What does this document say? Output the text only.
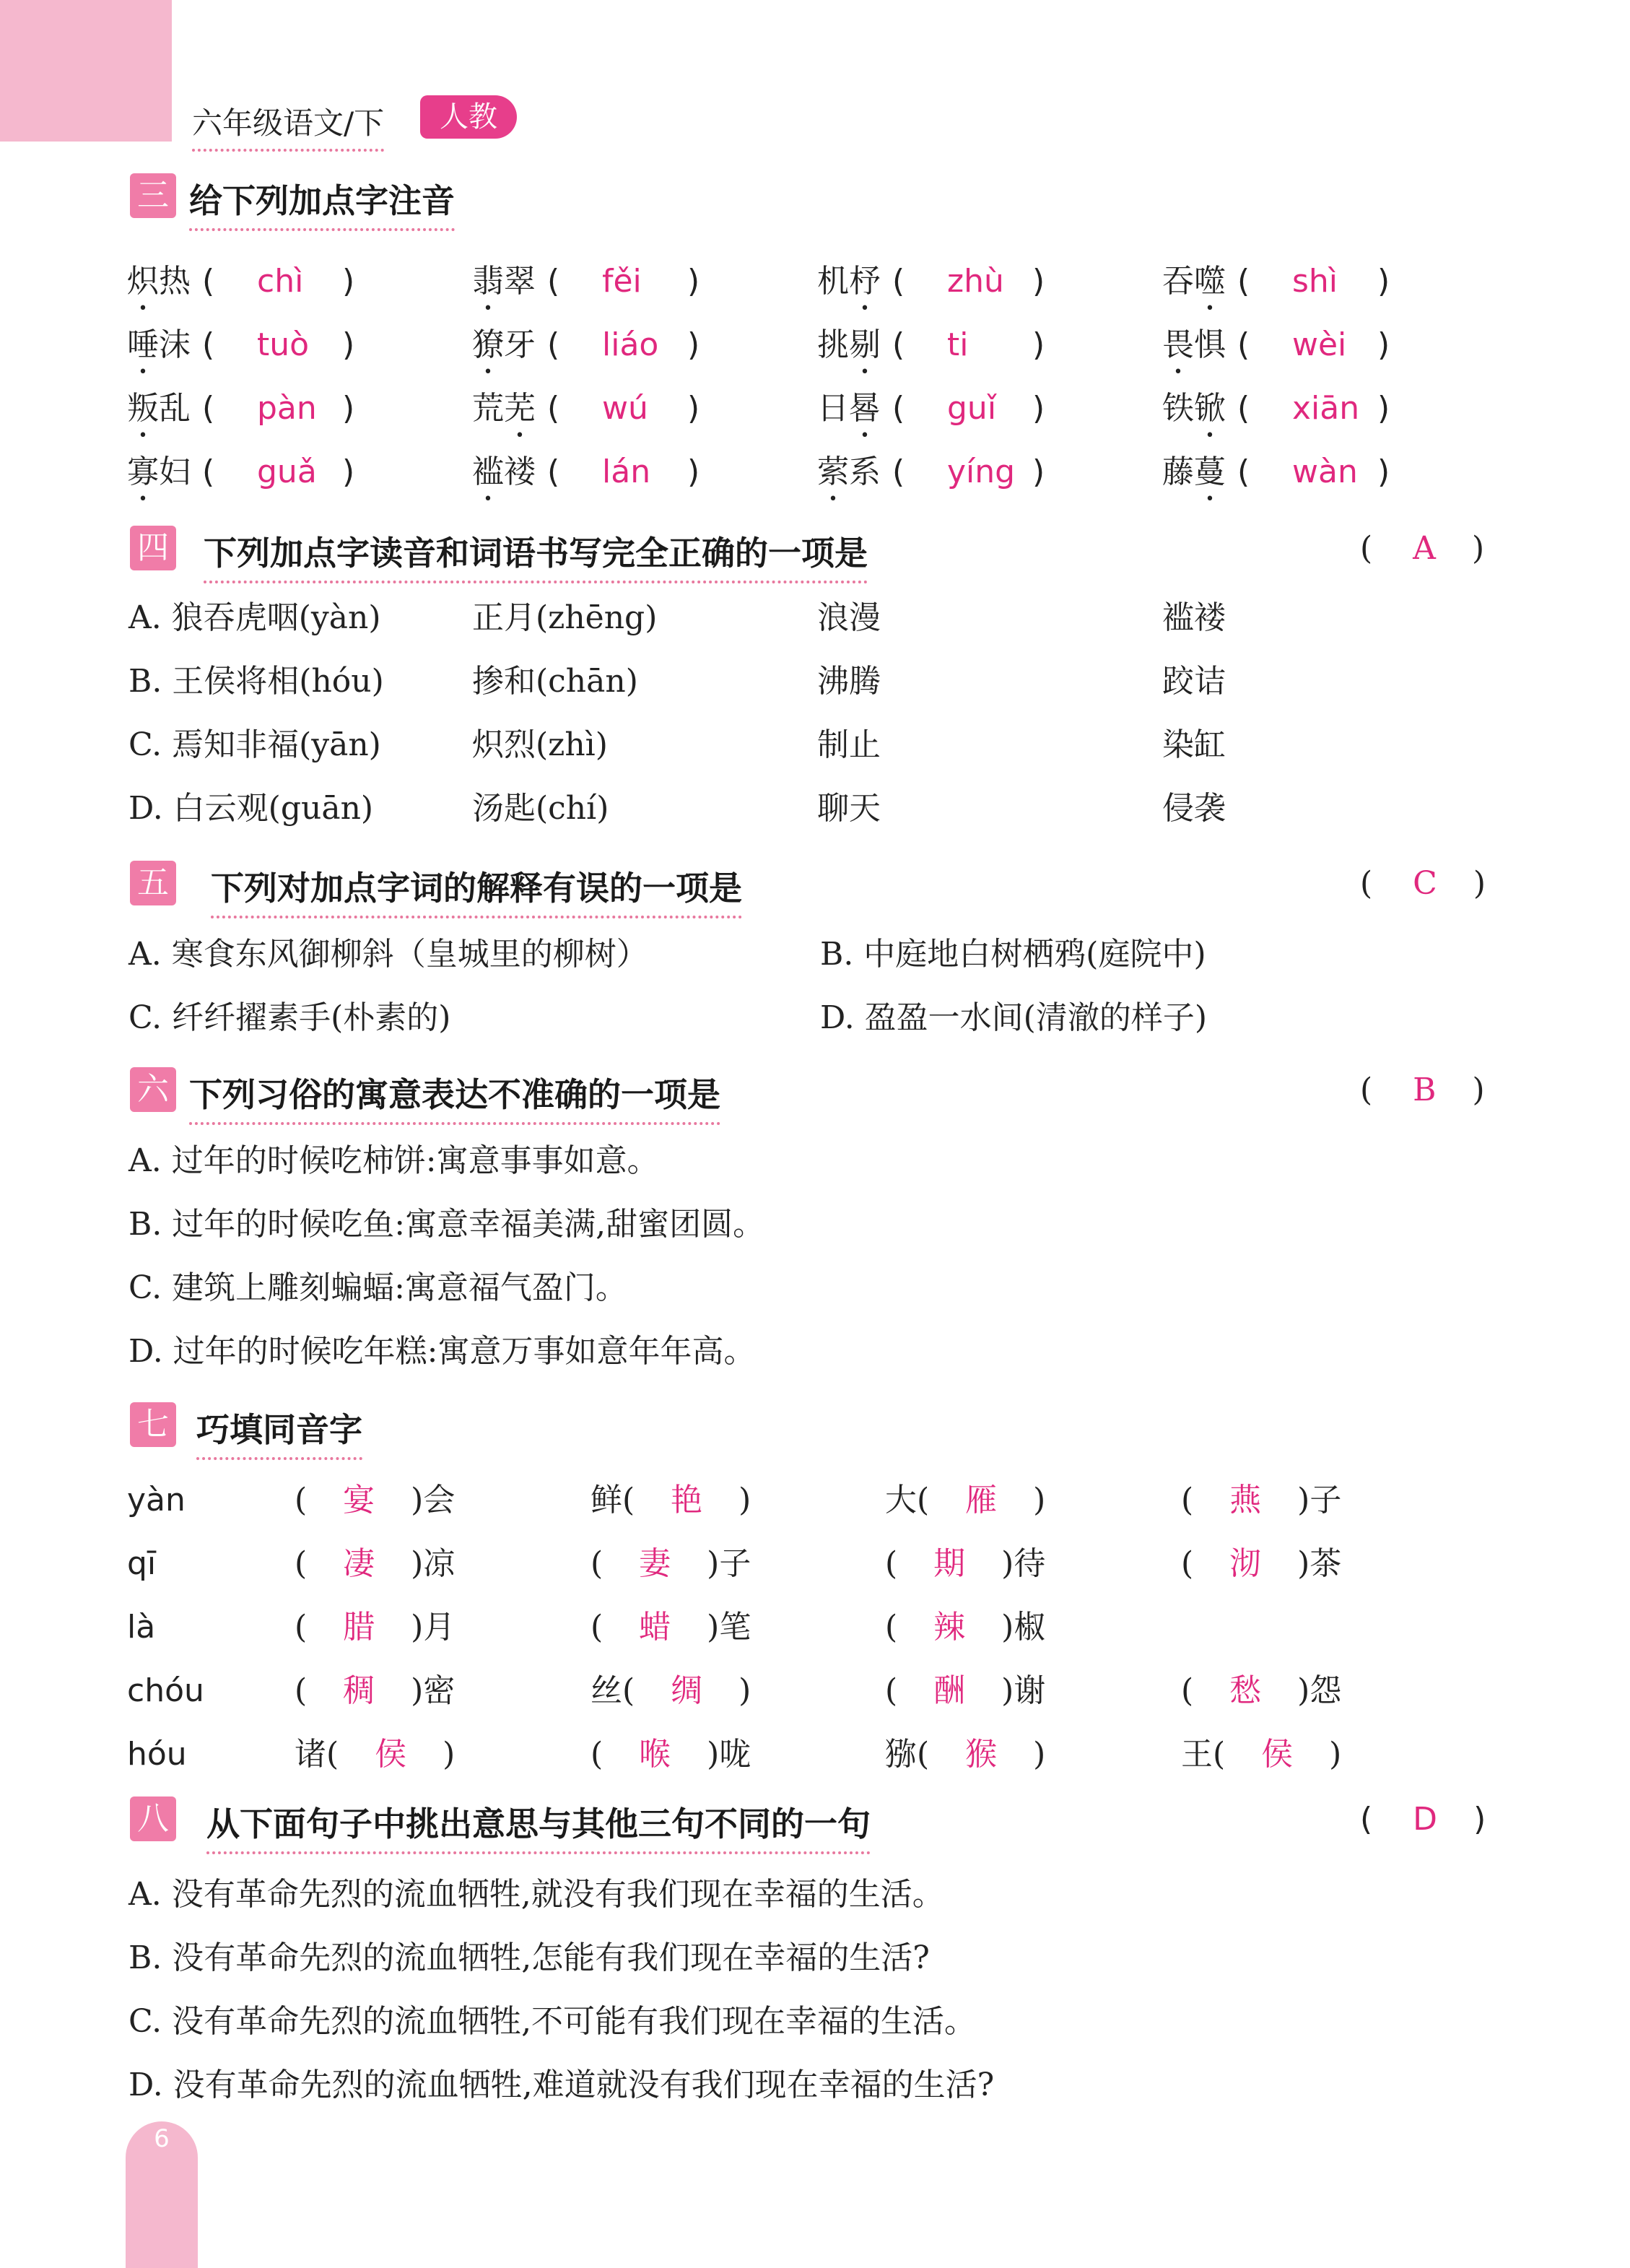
6
六年级语文/下	人教
三 给下列加点字注音
炽热 ( chì )	翡翠 ( fěi )	机杼 ( zhù )	吞噬 ( shì )
唾沫 ( tuò )	獠牙 ( liáo )	挑剔 ( ti )	畏惧 ( wèi )
叛乱 ( pàn )	荒芜 ( wú )	日晷 ( guǐ )	铁锨 ( xiān )
寡妇 ( guǎ )	褴褛 ( lán )	萦系 ( yíng )	藤蔓 ( wàn )
四 下列加点字读音和词语书写完全正确的一项是	( A )
A. 狼吞虎咽(yàn)	正月(zhēng)	浪漫	褴褛
B. 王侯将相(hóu)	掺和(chān)	沸腾	跤诘
C. 焉知非福(yān)	炽烈(zhì)	制止	染缸
D. 白云观(guān)	汤匙(chí)	聊天	侵袭
五 下列对加点字词的解释有误的一项是	( C )
A. 寒食东风御柳斜（皇城里的柳树）	B. 中庭地白树栖鸦(庭院中)
C. 纤纤擢素手(朴素的)	D. 盈盈一水间(清澈的样子)
六 下列习俗的寓意表达不准确的一项是	( B )
A. 过年的时候吃柿饼:寓意事事如意。
B. 过年的时候吃鱼:寓意幸福美满,甜蜜团圆。
C. 建筑上雕刻蝙蝠:寓意福气盈门。
D. 过年的时候吃年糕:寓意万事如意年年高。
七 巧填同音字
yàn	( 宴 )会	鲜( 艳 )	大( 雁 )	( 燕 )子
qī	( 凄 )凉	( 妻 )子	( 期 )待	( 沏 )茶
là	( 腊 )月	( 蜡 )笔	( 辣 )椒
chóu	( 稠 )密	丝( 绸 )	( 酬 )谢	( 愁 )怨
hóu	诸( 侯 )	( 喉 )咙	猕( 猴 )	王( 侯 )
八 从下面句子中挑出意思与其他三句不同的一句	( D )
A. 没有革命先烈的流血牺牲,就没有我们现在幸福的生活。
B. 没有革命先烈的流血牺牲,怎能有我们现在幸福的生活?
C. 没有革命先烈的流血牺牲,不可能有我们现在幸福的生活。
D. 没有革命先烈的流血牺牲,难道就没有我们现在幸福的生活?
